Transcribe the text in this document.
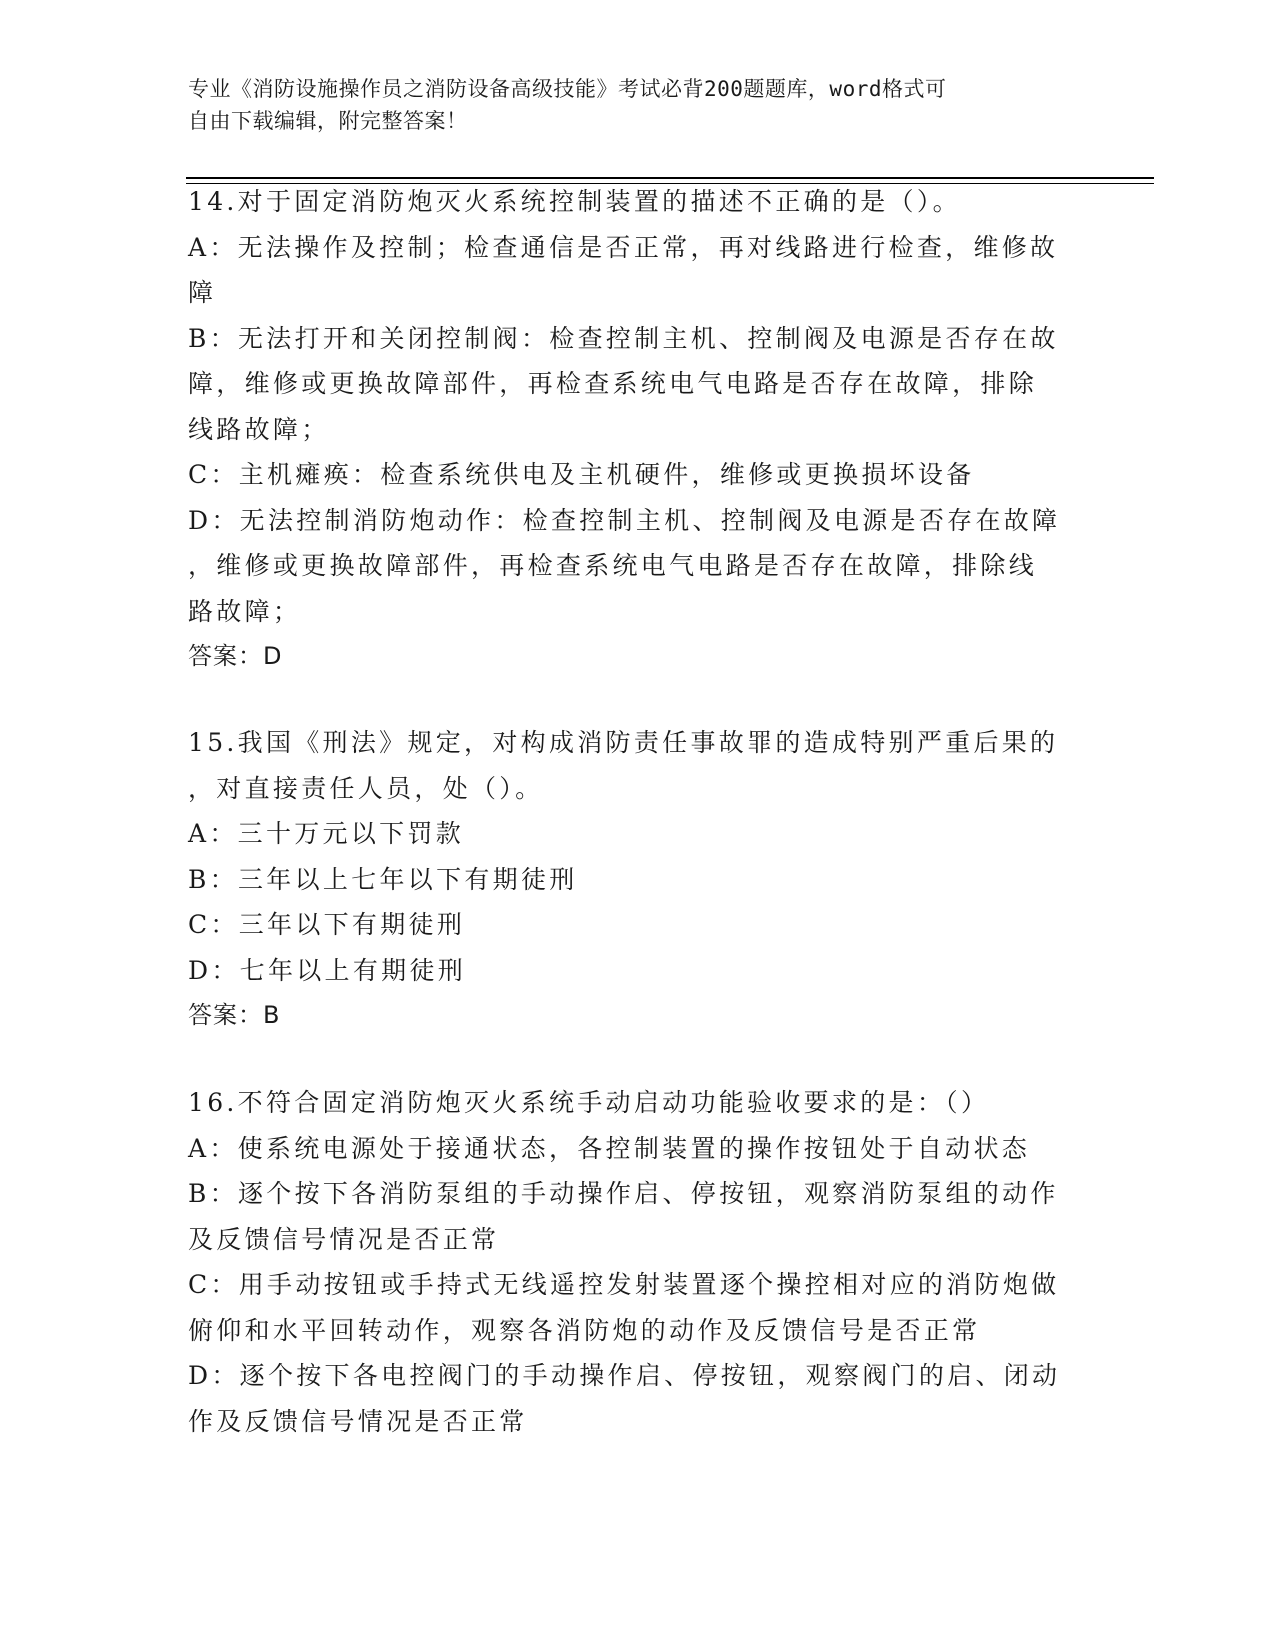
专业《消防设施操作员之消防设备高级技能》考试必背200题题库，word格式可
自由下载编辑，附完整答案！

14.对于固定消防炮灭火系统控制装置的描述不正确的是（）。

A：无法操作及控制；检查通信是否正常，再对线路进行检查，维修故

障

B：无法打开和关闭控制阀：检查控制主机、控制阀及电源是否存在故

障，维修或更换故障部件，再检查系统电气电路是否存在故障，排除

线路故障；

C：主机瘫痪：检查系统供电及主机硬件，维修或更换损坏设备

D：无法控制消防炮动作：检查控制主机、控制阀及电源是否存在故障

，维修或更换故障部件，再检查系统电气电路是否存在故障，排除线

路故障；

答案：D

15.我国《刑法》规定，对构成消防责任事故罪的造成特别严重后果的

，对直接责任人员，处（）。

A：三十万元以下罚款

B：三年以上七年以下有期徒刑

C：三年以下有期徒刑

D：七年以上有期徒刑

答案：B

16.不符合固定消防炮灭火系统手动启动功能验收要求的是：（）

A：使系统电源处于接通状态，各控制装置的操作按钮处于自动状态

B：逐个按下各消防泵组的手动操作启、停按钮，观察消防泵组的动作

及反馈信号情况是否正常

C：用手动按钮或手持式无线遥控发射装置逐个操控相对应的消防炮做

俯仰和水平回转动作，观察各消防炮的动作及反馈信号是否正常

D：逐个按下各电控阀门的手动操作启、停按钮，观察阀门的启、闭动

作及反馈信号情况是否正常
